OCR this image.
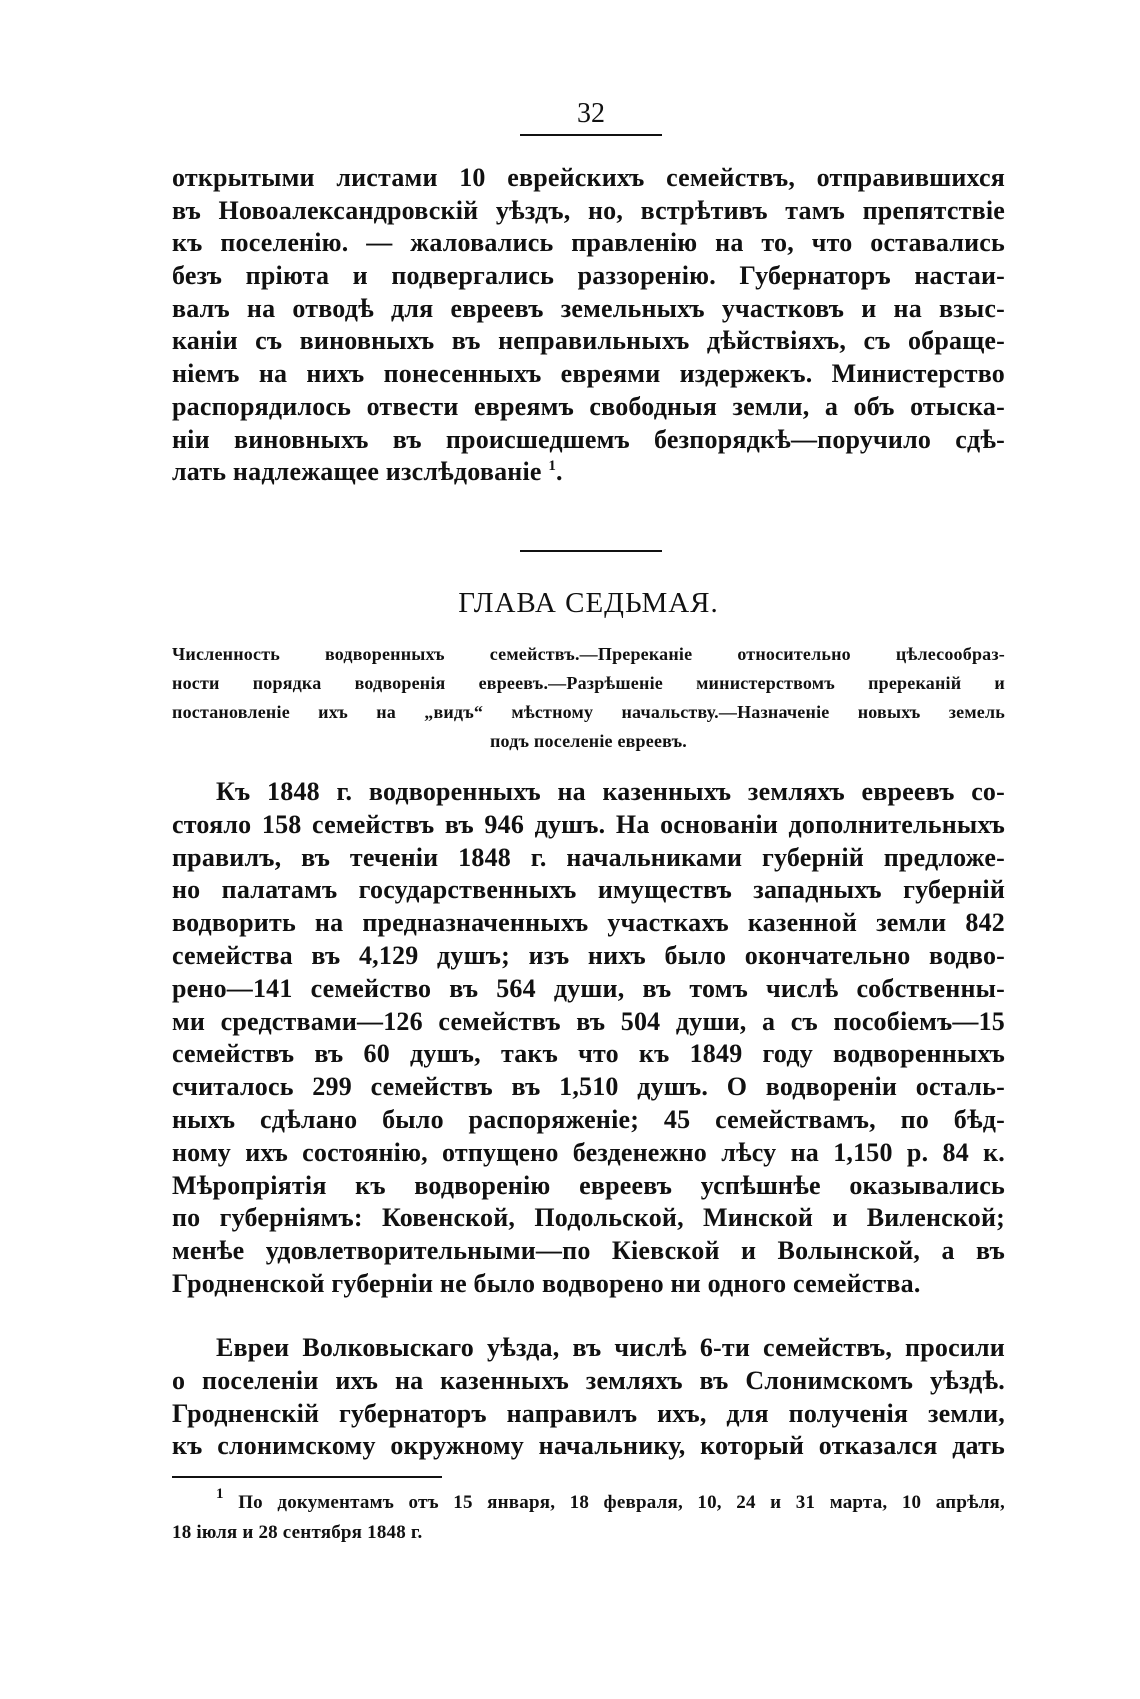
32
открытыми листами 10 еврейскихъ семействъ, отправившихся
въ Новоалександровскій уѣздъ, но, встрѣтивъ тамъ препятствіе
къ поселенію. — жаловались правленію на то, что оставались
безъ пріюта и подвергались раззоренію. Губернаторъ настаи-
валъ на отводѣ для евреевъ земельныхъ участковъ и на взыс-
каніи съ виновныхъ въ неправильныхъ дѣйствіяхъ, съ обраще-
ніемъ на нихъ понесенныхъ евреями издержекъ. Министерство
распорядилось отвести евреямъ свободныя земли, а объ отыска-
ніи виновныхъ въ происшедшемъ безпорядкѣ—поручило сдѣ-
лать надлежащее изслѣдованіе $^1$.
ГЛАВА СЕДЬМАЯ.
Численность водворенныхъ семействъ.—Пререканіе относительно цѣлесообраз-
ности порядка водворенія евреевъ.—Разрѣшеніе министерствомъ пререканій и
постановленіе ихъ на „видъ“ мѣстному начальству.—Назначеніе новыхъ земель
подъ поселеніе евреевъ.
Къ 1848 г. водворенныхъ на казенныхъ земляхъ евреевъ со-
стояло 158 семействъ въ 946 душъ. На основаніи дополнительныхъ
правилъ, въ теченіи 1848 г. начальниками губерній предложе-
но палатамъ государственныхъ имуществъ западныхъ губерній
водворить на предназначенныхъ участкахъ казенной земли 842
семейства въ 4,129 душъ; изъ нихъ было окончательно водво-
рено—141 семейство въ 564 души, въ томъ числѣ собственны-
ми средствами—126 семействъ въ 504 души, а съ пособіемъ—15
семействъ въ 60 душъ, такъ что къ 1849 году водворенныхъ
считалось 299 семействъ въ 1,510 душъ. О водвореніи осталь-
ныхъ сдѣлано было распоряженіе; 45 семействамъ, по бѣд-
ному ихъ состоянію, отпущено безденежно лѣсу на 1,150 р. 84 к.
Мѣропріятія къ водворенію евреевъ успѣшнѣе оказывались
по губерніямъ: Ковенской, Подольской, Минской и Виленской;
менѣе удовлетворительными—по Кіевской и Волынской, а въ
Гродненской губерніи не было водворено ни одного семейства.
Евреи Волковыскаго уѣзда, въ числѣ 6-ти семействъ, просили
о поселеніи ихъ на казенныхъ земляхъ въ Слонимскомъ уѣздѣ.
Гродненскій губернаторъ направилъ ихъ, для полученія земли,
къ слонимскому окружному начальнику, который отказался дать
$^1$ По документамъ отъ 15 января, 18 февраля, 10, 24 и 31 марта, 10 апрѣля,
18 іюля и 28 сентября 1848 г.
